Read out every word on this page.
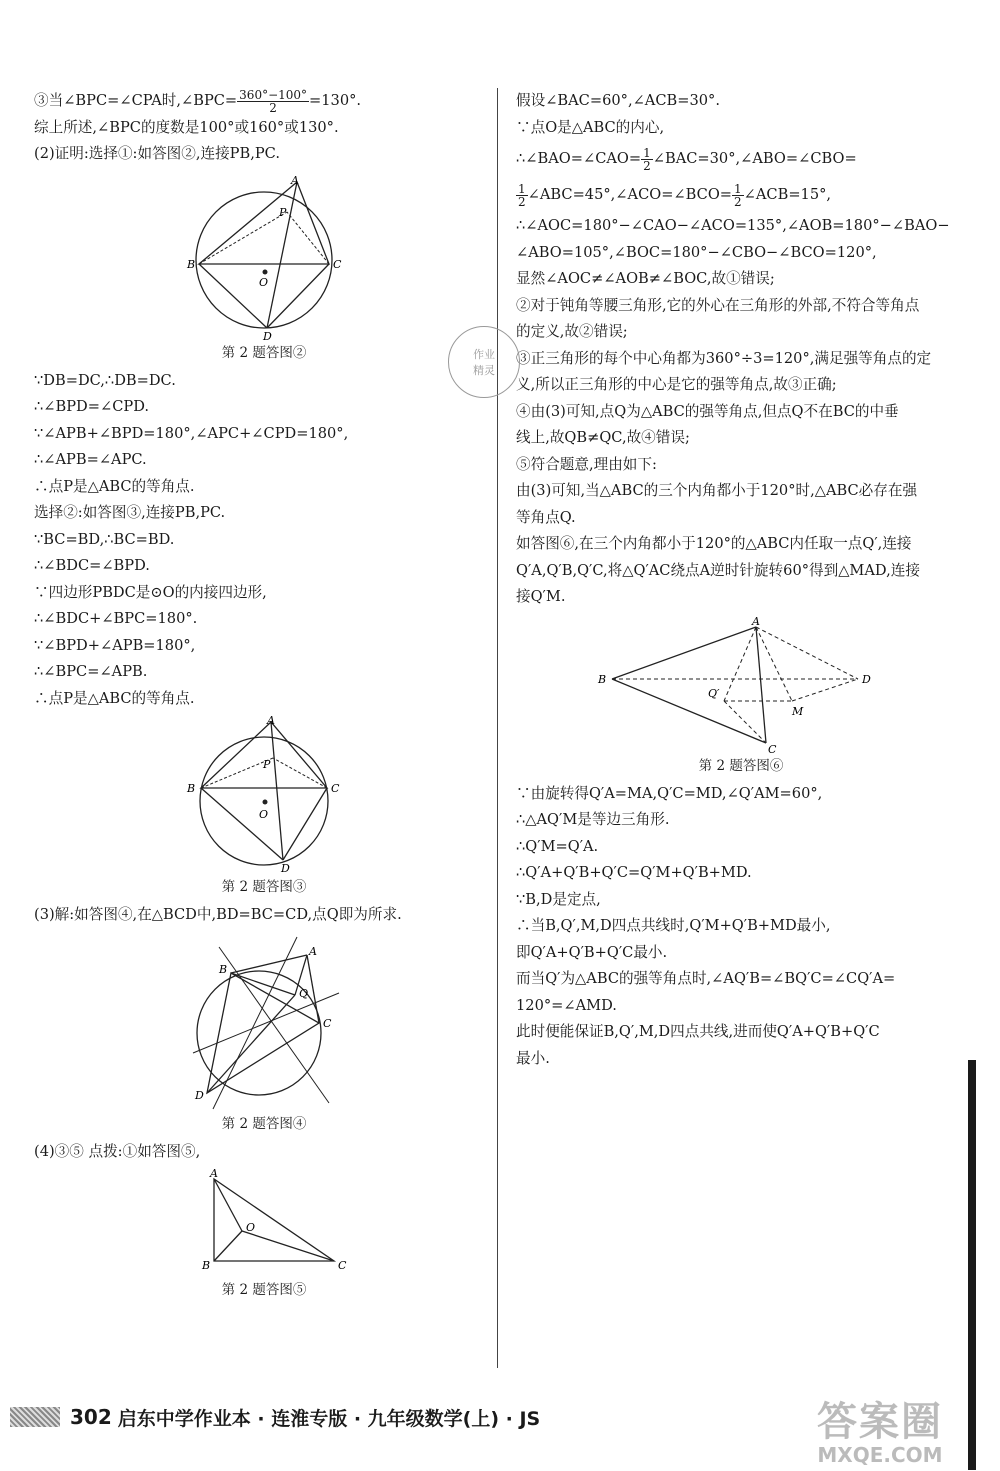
③当∠BPC=∠CPA时,∠BPC= $\frac{360^\circ-100^\circ}{2} =130^\circ$.
综上所述,∠BPC的度数是100°或160°或130°.
(2)证明:选择①:如答图②,连接PB,PC.
A
P
B	C
O
D
第 2 题答图②
∵DB=DC,∴DB=DC.
∴∠BPD=∠CPD.
∵∠APB+∠BPD=180°,∠APC+∠CPD=180°,
∴∠APB=∠APC.
∴点P是△ABC的等角点.
选择②:如答图③,连接PB,PC.
∵BC=BD,∴BC=BD.
∴∠BDC=∠BPD.
∵四边形PBDC是⊙O的内接四边形,
∴∠BDC+∠BPC=180°.
∵∠BPD+∠APB=180°,
∴∠BPC=∠APB.
∴点P是△ABC的等角点.
A
P
B	C
O
D
第 2 题答图③
(3)解:如答图④,在△BCD中,BD=BC=CD,点Q即为所求.
A
B
C
D
Q
第 2 题答图④
(4)③⑤ 点拨:①如答图⑤,
A
B	C
O
第 2 题答图⑤
假设∠BAC=60°,∠ACB=30°.
∵点O是△ABC的内心,
∴∠BAO=∠CAO= $\frac{1}{2}$ ∠BAC=30°,∠ABO=∠CBO=
$\frac{1}{2}$ ∠ABC=45°,∠ACO=∠BCO= $\frac{1}{2}$ ∠ACB=15°,
∴∠AOC=180°−∠CAO−∠ACO=135°,∠AOB=180°−∠BAO−
∠ABO=105°,∠BOC=180°−∠CBO−∠BCO=120°,
显然∠AOC≠∠AOB≠∠BOC,故①错误;
②对于钝角等腰三角形,它的外心在三角形的外部,不符合等角点
的定义,故②错误;
③正三角形的每个中心角都为360°÷3=120°,满足强等角点的定
义,所以正三角形的中心是它的强等角点,故③正确;
④由(3)可知,点Q为△ABC的强等角点,但点Q不在BC的中垂
线上,故QB≠QC,故④错误;
⑤符合题意,理由如下:
由(3)可知,当△ABC的三个内角都小于120°时,△ABC必存在强
等角点Q.
如答图⑥,在三个内角都小于120°的△ABC内任取一点Q′,连接
Q′A,Q′B,Q′C,将△Q′AC绕点A逆时针旋转60°得到△MAD,连接
接Q′M.
A
B	D
C
Q′
M
第 2 题答图⑥
∵由旋转得Q′A=MA,Q′C=MD,∠Q′AM=60°,
∴△AQ′M是等边三角形.
∴Q′M=Q′A.
∴Q′A+Q′B+Q′C=Q′M+Q′B+MD.
∵B,D是定点,
∴当B,Q′,M,D四点共线时,Q′M+Q′B+MD最小,
即Q′A+Q′B+Q′C最小.
而当Q′为△ABC的强等角点时,∠AQ′B=∠BQ′C=∠CQ′A=
120°=∠AMD.
此时便能保证B,Q′,M,D四点共线,进而使Q′A+Q′B+Q′C
最小.
作业
精灵
302 启东中学作业本 · 连淮专版 · 九年级数学(上) · JS	答案圈
MXQE.COM
